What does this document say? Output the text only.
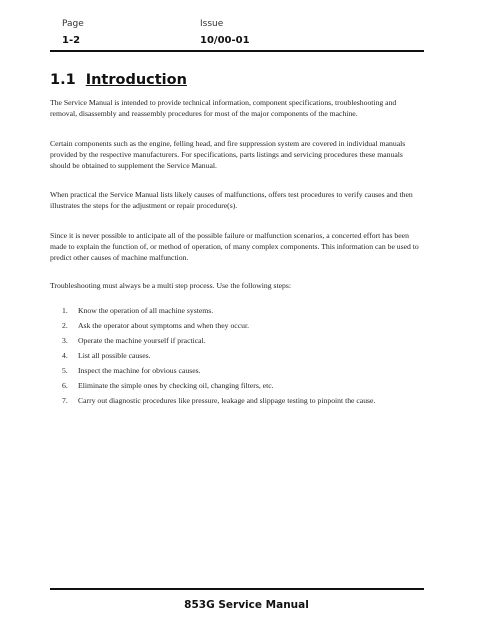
Page
1-2
Issue
10/00-01
1.1 Introduction

The Service Manual is intended to provide technical information, component specifications, troubleshooting and removal, disassembly and reassembly procedures for most of the major components of the machine.

Certain components such as the engine, felling head, and fire suppression system are covered in individual manuals provided by the respective manufacturers. For specifications, parts listings and servicing procedures these manuals should be obtained to supplement the Service Manual.

When practical the Service Manual lists likely causes of malfunctions, offers test procedures to verify causes and then illustrates the steps for the adjustment or repair procedure(s).

Since it is never possible to anticipate all of the possible failure or malfunction scenarios, a concerted effort has been made to explain the function of, or method of operation, of many complex components. This information can be used to predict other causes of machine malfunction.

Troubleshooting must always be a multi step process. Use the following steps:

1. Know the operation of all machine systems.
2. Ask the operator about symptoms and when they occur.
3. Operate the machine yourself if practical.
4. List all possible causes.
5. Inspect the machine for obvious causes.
6. Eliminate the simple ones by checking oil, changing filters, etc.
7. Carry out diagnostic procedures like pressure, leakage and slippage testing to pinpoint the cause.
853G Service Manual
